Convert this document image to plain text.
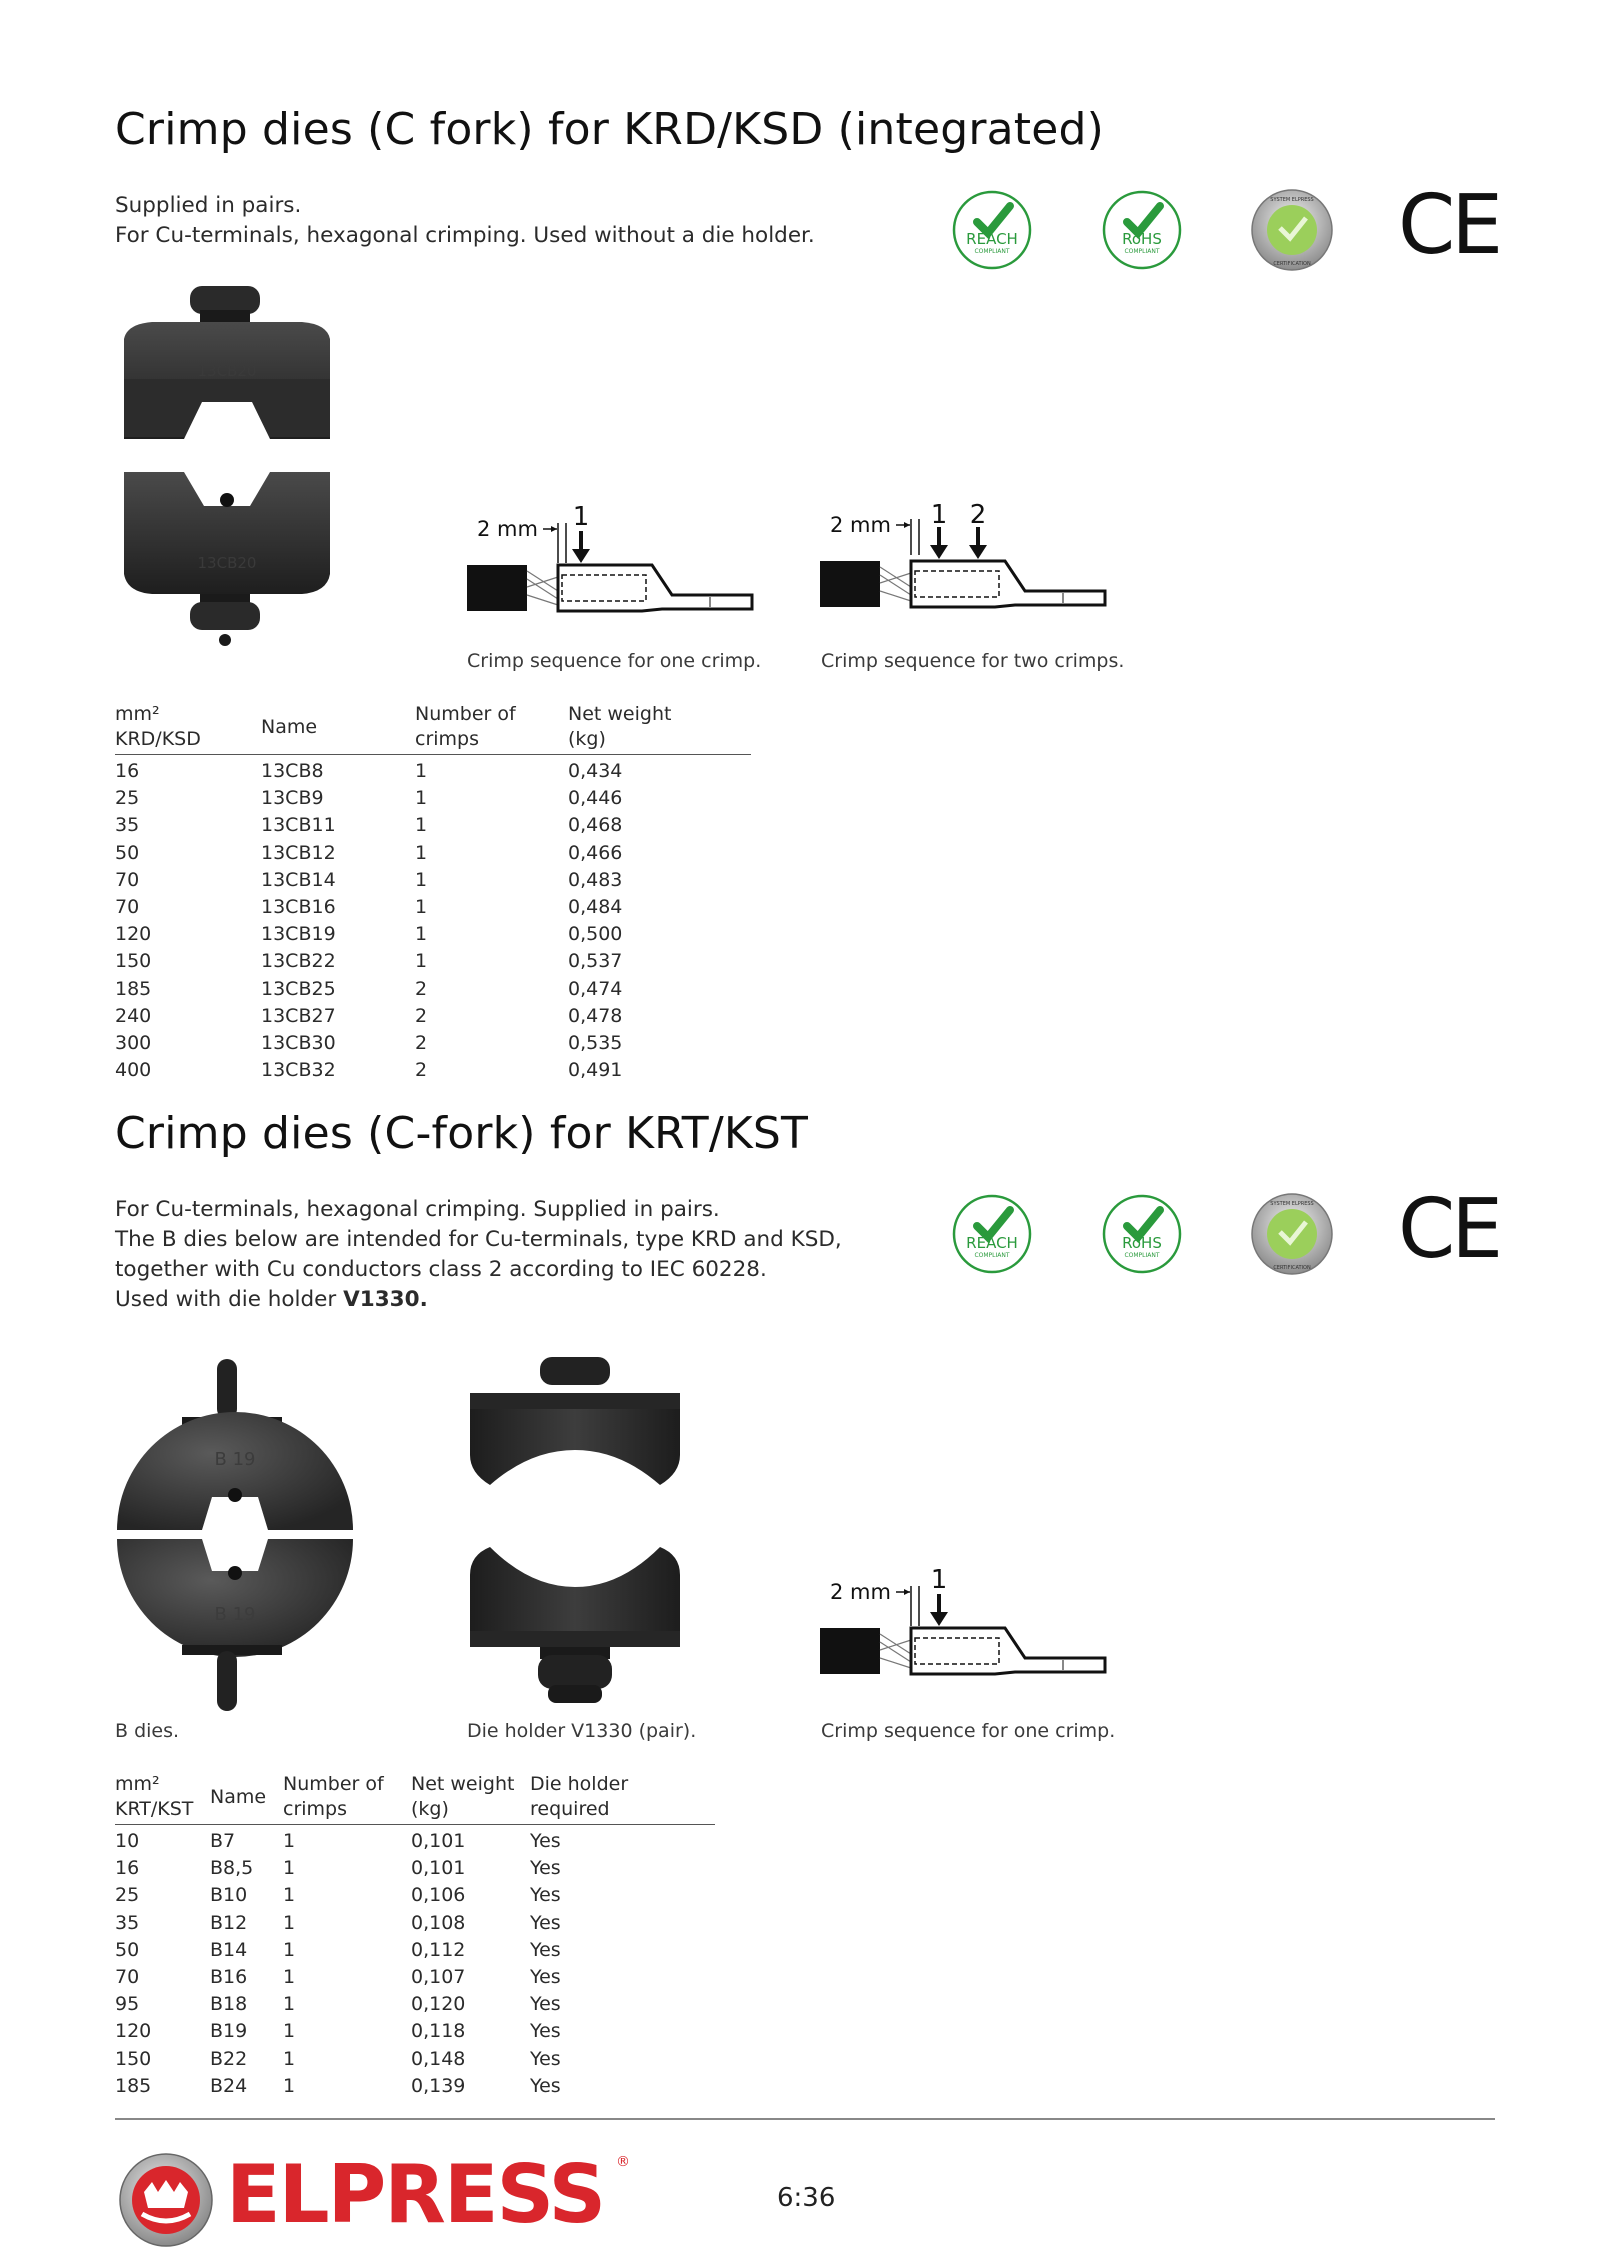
Crimp dies (C fork) for KRD/KSD (integrated)
Supplied in pairs.
For Cu-terminals, hexagonal crimping. Used without a die holder.	REACH
COMPLIANT
RoHS
COMPLIANT
SYSTEM ELPRESS
CERTIFICATION CE
13CB20
13CB20
2 mm 1	2 mm 1 2
Crimp sequence for one crimp.	Crimp sequence for two crimps.
mm²
KRD/KSD	Name	Number of
crimps	Net weight
(kg)
16	13CB8	1	0,434
25	13CB9	1	0,446
35	13CB11	1	0,468
50	13CB12	1	0,466
70	13CB14	1	0,483
70	13CB16	1	0,484
120	13CB19	1	0,500
150	13CB22	1	0,537
185	13CB25	2	0,474
240	13CB27	2	0,478
300	13CB30	2	0,535
400	13CB32	2	0,491
Crimp dies (C-fork) for KRT/KST
For Cu-terminals, hexagonal crimping. Supplied in pairs.
The B dies below are intended for Cu-terminals, type KRD and KSD,
together with Cu conductors class 2 according to IEC 60228.
Used with die holder V1330.
REACH
COMPLIANT
RoHS
COMPLIANT
SYSTEM ELPRESS
CERTIFICATION CE
B 19
B 19
2 mm 1
B dies.	Die holder V1330 (pair).	Crimp sequence for one crimp.
mm²
KRT/KST	Name	Number of
crimps	Net weight
(kg)	Die holder required
10	B7	1	0,101	Yes
16	B8,5	1	0,101	Yes
25	B10	1	0,106	Yes
35	B12	1	0,108	Yes
50	B14	1	0,112	Yes
70	B16	1	0,107	Yes
95	B18	1	0,120	Yes
120	B19	1	0,118	Yes
150	B22	1	0,148	Yes
185	B24	1	0,139	Yes
ELPRESS ®
6:36
